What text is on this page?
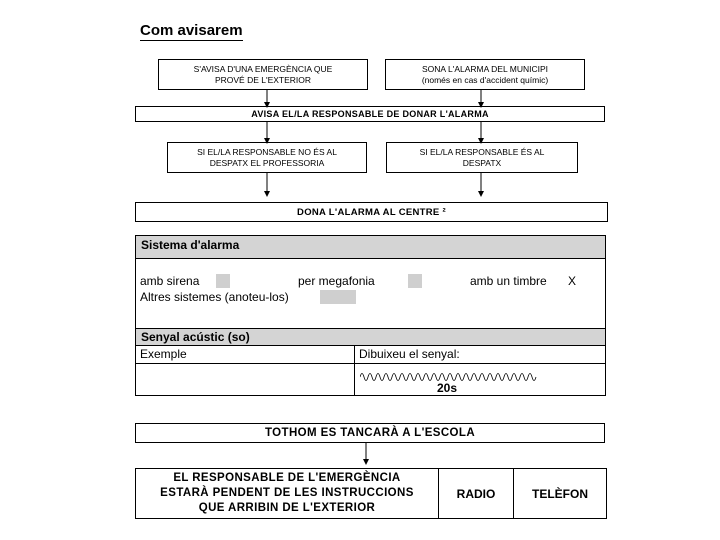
Com avisarem
S'AVISA D'UNA EMERGÈNCIA QUE
PROVÉ DE L'EXTERIOR
SONA L'ALARMA DEL MUNICIPI
(només en cas d'accident químic)
AVISA EL/LA RESPONSABLE DE DONAR L'ALARMA
SI EL/LA RESPONSABLE NO ÉS AL
DESPATX EL PROFESSORIA
SI EL/LA RESPONSABLE ÉS AL
DESPATX
DONA L'ALARMA AL CENTRE ²
Sistema d'alarma
amb sirena	per megafonia	amb un timbre X
Altres sistemes (anoteu-los)
Senyal acústic (so)
Exemple	Dibuixeu el senyal:
20s
TOTHOM ES TANCARÀ A L'ESCOLA
EL RESPONSABLE DE L'EMERGÈNCIA
ESTARÀ PENDENT DE LES INSTRUCCIONS
QUE ARRIBIN DE L'EXTERIOR
RADIO	TELÈFON
